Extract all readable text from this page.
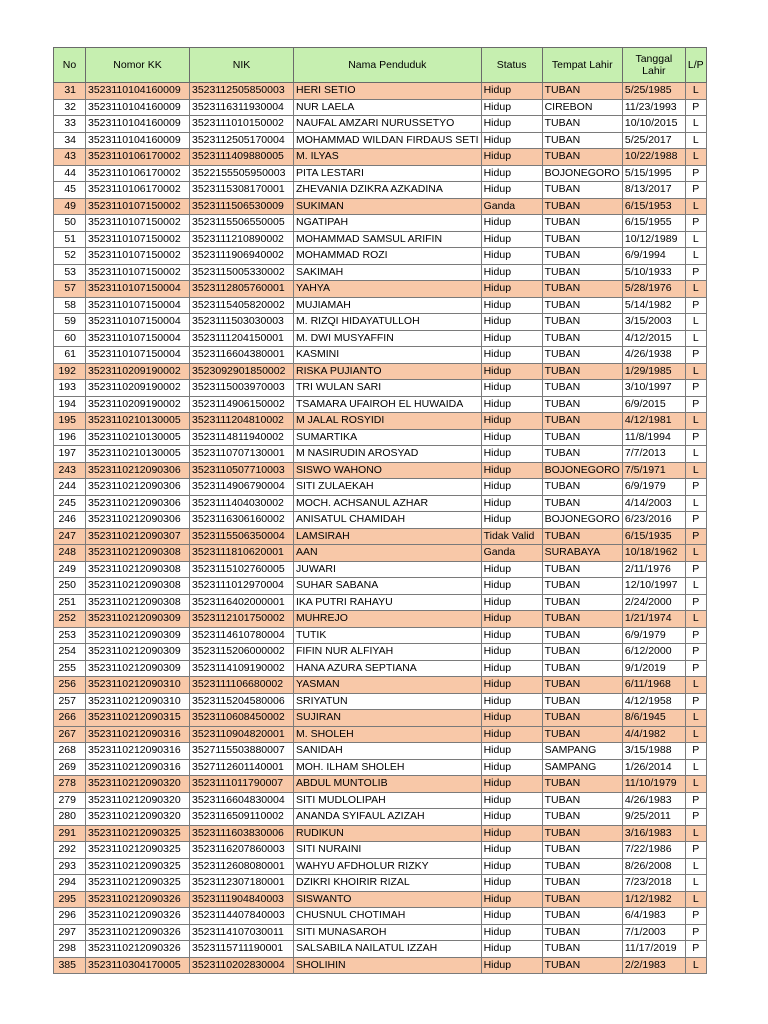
No	Nomor KK	NIK	Nama Penduduk	Status	Tempat Lahir	Tanggal Lahir	L/P
31	3523110104160009	3523112505850003	HERI SETIO	Hidup	TUBAN	5/25/1985	L
32	3523110104160009	3523116311930004	NUR LAELA	Hidup	CIREBON	11/23/1993	P
33	3523110104160009	3523111010150002	NAUFAL AMZARI NURUSSETYO	Hidup	TUBAN	10/10/2015	L
34	3523110104160009	3523112505170004	MOHAMMAD WILDAN FIRDAUS SETI	Hidup	TUBAN	5/25/2017	L
43	3523110106170002	3523111409880005	M. ILYAS	Hidup	TUBAN	10/22/1988	L
44	3523110106170002	3522155505950003	PITA LESTARI	Hidup	BOJONEGORO	5/15/1995	P
45	3523110106170002	3523115308170001	ZHEVANIA DZIKRA AZKADINA	Hidup	TUBAN	8/13/2017	P
49	3523110107150002	3523111506530009	SUKIMAN	Ganda	TUBAN	6/15/1953	L
50	3523110107150002	3523115506550005	NGATIPAH	Hidup	TUBAN	6/15/1955	P
51	3523110107150002	3523111210890002	MOHAMMAD SAMSUL ARIFIN	Hidup	TUBAN	10/12/1989	L
52	3523110107150002	3523111906940002	MOHAMMAD ROZI	Hidup	TUBAN	6/9/1994	L
53	3523110107150002	3523115005330002	SAKIMAH	Hidup	TUBAN	5/10/1933	P
57	3523110107150004	3523112805760001	YAHYA	Hidup	TUBAN	5/28/1976	L
58	3523110107150004	3523115405820002	MUJIAMAH	Hidup	TUBAN	5/14/1982	P
59	3523110107150004	3523111503030003	M. RIZQI HIDAYATULLOH	Hidup	TUBAN	3/15/2003	L
60	3523110107150004	3523111204150001	M. DWI MUSYAFFIN	Hidup	TUBAN	4/12/2015	L
61	3523110107150004	3523116604380001	KASMINI	Hidup	TUBAN	4/26/1938	P
192	3523110209190002	3523092901850002	RISKA PUJIANTO	Hidup	TUBAN	1/29/1985	L
193	3523110209190002	3523115003970003	TRI WULAN SARI	Hidup	TUBAN	3/10/1997	P
194	3523110209190002	3523114906150002	TSAMARA UFAIROH EL HUWAIDA	Hidup	TUBAN	6/9/2015	P
195	3523110210130005	3523111204810002	M JALAL ROSYIDI	Hidup	TUBAN	4/12/1981	L
196	3523110210130005	3523114811940002	SUMARTIKA	Hidup	TUBAN	11/8/1994	P
197	3523110210130005	3523110707130001	M NASIRUDIN AROSYAD	Hidup	TUBAN	7/7/2013	L
243	3523110212090306	3523110507710003	SISWO WAHONO	Hidup	BOJONEGORO	7/5/1971	L
244	3523110212090306	3523114906790004	SITI ZULAEKAH	Hidup	TUBAN	6/9/1979	P
245	3523110212090306	3523111404030002	MOCH. ACHSANUL AZHAR	Hidup	TUBAN	4/14/2003	L
246	3523110212090306	3523116306160002	ANISATUL CHAMIDAH	Hidup	BOJONEGORO	6/23/2016	P
247	3523110212090307	3523115506350004	LAMSIRAH	Tidak Valid	TUBAN	6/15/1935	P
248	3523110212090308	3523111810620001	AAN	Ganda	SURABAYA	10/18/1962	L
249	3523110212090308	3523115102760005	JUWARI	Hidup	TUBAN	2/11/1976	P
250	3523110212090308	3523111012970004	SUHAR SABANA	Hidup	TUBAN	12/10/1997	L
251	3523110212090308	3523116402000001	IKA PUTRI RAHAYU	Hidup	TUBAN	2/24/2000	P
252	3523110212090309	3523112101750002	MUHREJO	Hidup	TUBAN	1/21/1974	L
253	3523110212090309	3523114610780004	TUTIK	Hidup	TUBAN	6/9/1979	P
254	3523110212090309	3523115206000002	FIFIN NUR ALFIYAH	Hidup	TUBAN	6/12/2000	P
255	3523110212090309	3523114109190002	HANA AZURA SEPTIANA	Hidup	TUBAN	9/1/2019	P
256	3523110212090310	3523111106680002	YASMAN	Hidup	TUBAN	6/11/1968	L
257	3523110212090310	3523115204580006	SRIYATUN	Hidup	TUBAN	4/12/1958	P
266	3523110212090315	3523110608450002	SUJIRAN	Hidup	TUBAN	8/6/1945	L
267	3523110212090316	3523110904820001	M. SHOLEH	Hidup	TUBAN	4/4/1982	L
268	3523110212090316	3527115503880007	SANIDAH	Hidup	SAMPANG	3/15/1988	P
269	3523110212090316	3527112601140001	MOH. ILHAM SHOLEH	Hidup	SAMPANG	1/26/2014	L
278	3523110212090320	3523111011790007	ABDUL MUNTOLIB	Hidup	TUBAN	11/10/1979	L
279	3523110212090320	3523116604830004	SITI MUDLOLIPAH	Hidup	TUBAN	4/26/1983	P
280	3523110212090320	3523116509110002	ANANDA SYIFAUL AZIZAH	Hidup	TUBAN	9/25/2011	P
291	3523110212090325	3523111603830006	RUDIKUN	Hidup	TUBAN	3/16/1983	L
292	3523110212090325	3523116207860003	SITI NURAINI	Hidup	TUBAN	7/22/1986	P
293	3523110212090325	3523112608080001	WAHYU AFDHOLUR RIZKY	Hidup	TUBAN	8/26/2008	L
294	3523110212090325	3523112307180001	DZIKRI KHOIRIR RIZAL	Hidup	TUBAN	7/23/2018	L
295	3523110212090326	3523111904840003	SISWANTO	Hidup	TUBAN	1/12/1982	L
296	3523110212090326	3523114407840003	CHUSNUL CHOTIMAH	Hidup	TUBAN	6/4/1983	P
297	3523110212090326	3523114107030011	SITI MUNASAROH	Hidup	TUBAN	7/1/2003	P
298	3523110212090326	3523115711190001	SALSABILA NAILATUL IZZAH	Hidup	TUBAN	11/17/2019	P
385	3523110304170005	3523110202830004	SHOLIHIN	Hidup	TUBAN	2/2/1983	L
